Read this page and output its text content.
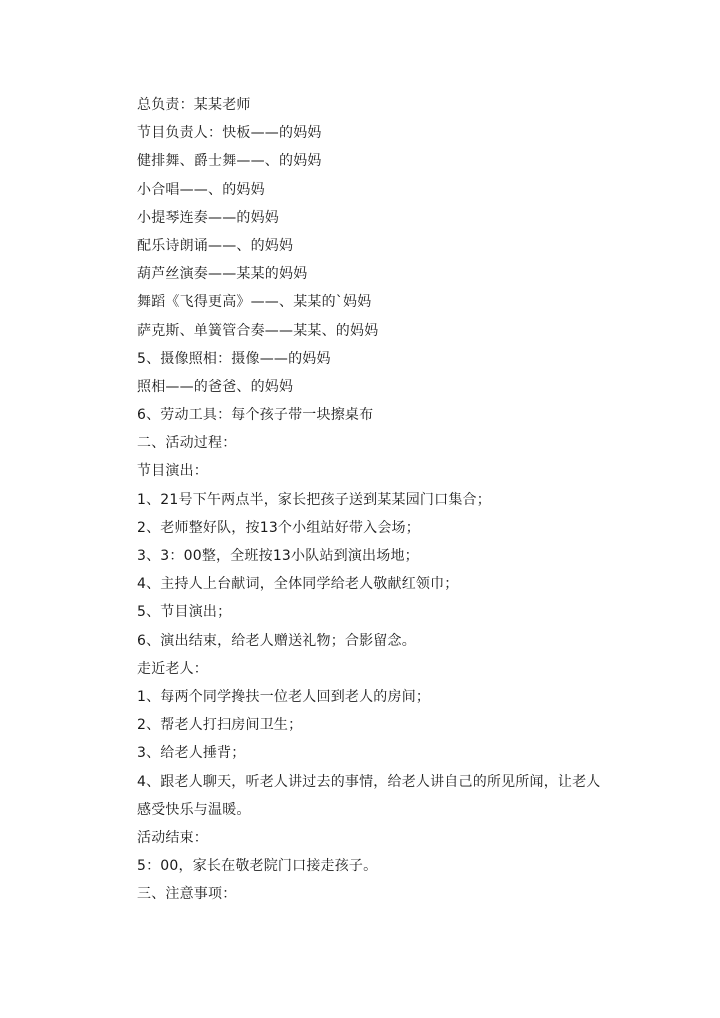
总负责：某某老师
节目负责人：快板——的妈妈
健排舞、爵士舞——、的妈妈
小合唱——、的妈妈
小提琴连奏——的妈妈
配乐诗朗诵——、的妈妈
葫芦丝演奏——某某的妈妈
舞蹈《飞得更高》——、某某的`妈妈
萨克斯、单簧管合奏——某某、的妈妈
5、摄像照相：摄像——的妈妈
照相——的爸爸、的妈妈
6、劳动工具：每个孩子带一块擦桌布
二、活动过程：
节目演出：
1、21号下午两点半，家长把孩子送到某某园门口集合；
2、老师整好队，按13个小组站好带入会场；
3、3：00整，全班按13小队站到演出场地；
4、主持人上台献词，全体同学给老人敬献红领巾；
5、节目演出；
6、演出结束，给老人赠送礼物；合影留念。
走近老人：
1、每两个同学搀扶一位老人回到老人的房间；
2、帮老人打扫房间卫生；
3、给老人捶背；
4、跟老人聊天，听老人讲过去的事情，给老人讲自己的所见所闻，让老人感受快乐与温暖。
活动结束：
5：00，家长在敬老院门口接走孩子。
三、注意事项：
